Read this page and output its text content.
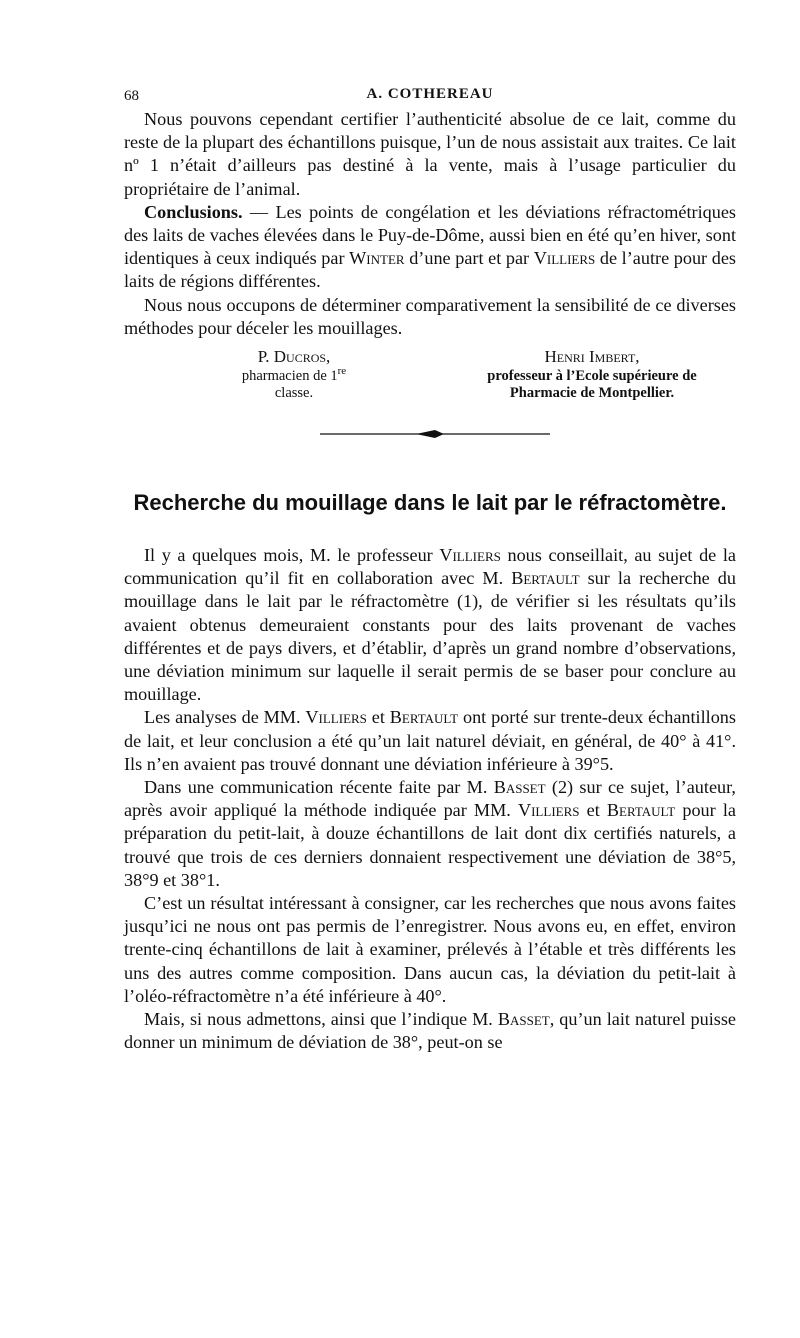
68	A. COTHEREAU

Nous pouvons cependant certifier l’authenticité absolue de ce lait, comme du reste de la plupart des échantillons puisque, l’un de nous assistait aux traites. Ce lait nº 1 n’était d’ailleurs pas destiné à la vente, mais à l’usage particulier du propriétaire de l’animal.

Conclusions. — Les points de congélation et les déviations réfractométriques des laits de vaches élevées dans le Puy-de-Dôme, aussi bien en été qu’en hiver, sont identiques à ceux indiqués par Winter d’une part et par Villiers de l’autre pour des laits de régions différentes.

Nous nous occupons de déterminer comparativement la sensibilité de ce diverses méthodes pour déceler les mouillages.

P. Ducros,
pharmacien de 1re classe.
Henri Imbert,
professeur à l’Ecole supérieure de
Pharmacie de Montpellier.
Recherche du mouillage dans le lait par le réfractomètre.

Il y a quelques mois, M. le professeur Villiers nous conseillait, au sujet de la communication qu’il fit en collaboration avec M. Bertault sur la recherche du mouillage dans le lait par le réfractomètre (1), de vérifier si les résultats qu’ils avaient obtenus demeuraient constants pour des laits provenant de vaches différentes et de pays divers, et d’établir, d’après un grand nombre d’observations, une déviation minimum sur laquelle il serait permis de se baser pour conclure au mouillage.

Les analyses de MM. Villiers et Bertault ont porté sur trente-deux échantillons de lait, et leur conclusion a été qu’un lait naturel déviait, en général, de 40° à 41°. Ils n’en avaient pas trouvé donnant une déviation inférieure à 39°5.

Dans une communication récente faite par M. Basset (2) sur ce sujet, l’auteur, après avoir appliqué la méthode indiquée par MM. Villiers et Bertault pour la préparation du petit-lait, à douze échantillons de lait dont dix certifiés naturels, a trouvé que trois de ces derniers donnaient respectivement une déviation de 38°5, 38°9 et 38°1.

C’est un résultat intéressant à consigner, car les recherches que nous avons faites jusqu’ici ne nous ont pas permis de l’enregistrer. Nous avons eu, en effet, environ trente-cinq échantillons de lait à examiner, prélevés à l’étable et très différents les uns des autres comme composition. Dans aucun cas, la déviation du petit-lait à l’oléo-réfractomètre n’a été inférieure à 40°.

Mais, si nous admettons, ainsi que l’indique M. Basset, qu’un lait naturel puisse donner un minimum de déviation de 38°, peut-on se
